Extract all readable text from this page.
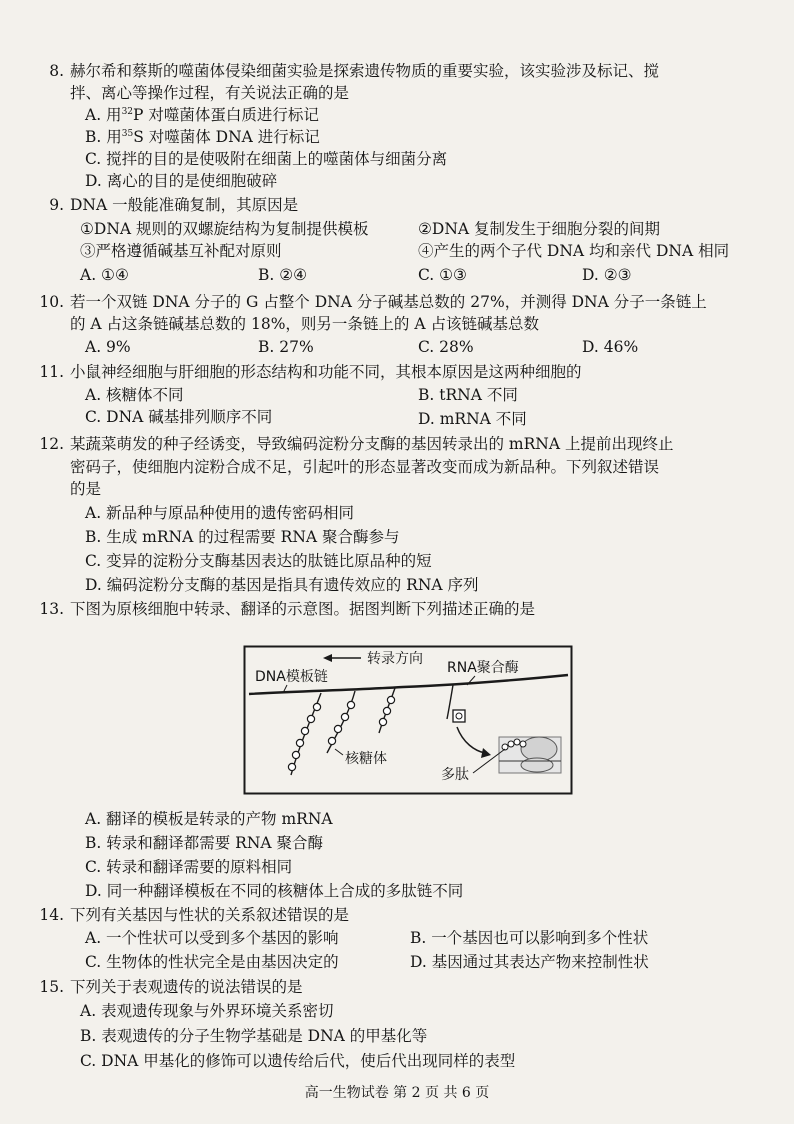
8. 赫尔希和蔡斯的噬菌体侵染细菌实验是探索遗传物质的重要实验，该实验涉及标记、搅
拌、离心等操作过程，有关说法正确的是
A. 用$^{32}$P 对噬菌体蛋白质进行标记
B. 用$^{35}$S 对噬菌体 DNA 进行标记
C. 搅拌的目的是使吸附在细菌上的噬菌体与细菌分离
D. 离心的目的是使细胞破碎
9. DNA 一般能准确复制，其原因是
①DNA 规则的双螺旋结构为复制提供模板	②DNA 复制发生于细胞分裂的间期
③严格遵循碱基互补配对原则	④产生的两个子代 DNA 均和亲代 DNA 相同
A. ①④	B. ②④	C. ①③	D. ②③
10. 若一个双链 DNA 分子的 G 占整个 DNA 分子碱基总数的 27%，并测得 DNA 分子一条链上
的 A 占这条链碱基总数的 18%，则另一条链上的 A 占该链碱基总数
A. 9%	B. 27%	C. 28%	D. 46%
11. 小鼠神经细胞与肝细胞的形态结构和功能不同，其根本原因是这两种细胞的
A. 核糖体不同	B. tRNA 不同
C. DNA 碱基排列顺序不同	D. mRNA 不同
12. 某蔬菜萌发的种子经诱变，导致编码淀粉分支酶的基因转录出的 mRNA 上提前出现终止
密码子，使细胞内淀粉合成不足，引起叶的形态显著改变而成为新品种。下列叙述错误
的是
A. 新品种与原品种使用的遗传密码相同
B. 生成 mRNA 的过程需要 RNA 聚合酶参与
C. 变异的淀粉分支酶基因表达的肽链比原品种的短
D. 编码淀粉分支酶的基因是指具有遗传效应的 RNA 序列
13. 下图为原核细胞中转录、翻译的示意图。据图判断下列描述正确的是
转录方向
DNA模板链
RNA聚合酶
核糖体
多肽
A. 翻译的模板是转录的产物 mRNA
B. 转录和翻译都需要 RNA 聚合酶
C. 转录和翻译需要的原料相同
D. 同一种翻译模板在不同的核糖体上合成的多肽链不同
14. 下列有关基因与性状的关系叙述错误的是
A. 一个性状可以受到多个基因的影响	B. 一个基因也可以影响到多个性状
C. 生物体的性状完全是由基因决定的	D. 基因通过其表达产物来控制性状
15. 下列关于表观遗传的说法错误的是
A. 表观遗传现象与外界环境关系密切
B. 表观遗传的分子生物学基础是 DNA 的甲基化等
C. DNA 甲基化的修饰可以遗传给后代，使后代出现同样的表型
高一生物试卷 第 2 页 共 6 页
